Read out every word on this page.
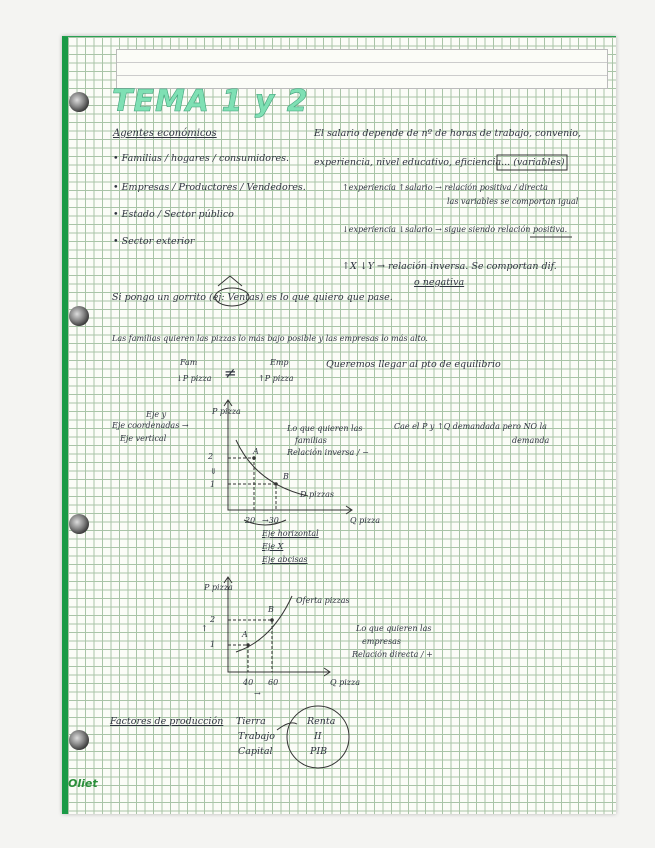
TEMA 1 y 2
Agentes económicos
• Familias / hogares / consumidores.
• Empresas / Productores / Vendedores.
• Estado / Sector público
• Sector exterior
El salario depende de nº de horas de trabajo, convenio,
experiencia, nivel educativo, eficiencia... (variables)
↑experiencia ↑salario → relación positiva / directa
las variables se comportan igual
↓experiencia ↓salario → sigue siendo relación positiva.
↑X ↓Y → relación inversa. Se comportan dif.
o negativa
Si pongo un gorrito (ej: Ventas) es lo que quiero que pase.
Las familias quieren las pizzas lo más bajo posible y las empresas lo más alto.
Fam
↓P pizza ≠
Emp
↑P pizza
Queremos llegar al pto de equilibrio
Eje y
Eje coordenadas →
Eje vertical
P pizza
2
⇓
1
20 →30	Q pizza
D pizzas
A
B
Lo que quieren las
familias
Relación inversa / −
Cae el P y ↑Q demandada pero NO la
demanda
Eje horizontal
Eje X
Eje abcisas
P pizza
2
↑
1
40 60
→
Q pizza
Oferta pizzas
A
B
Lo que quieren las
empresas
Relación directa / +
Factores de producción Tierra
Trabajo
Capital
Renta
II
PIB
Oliet
